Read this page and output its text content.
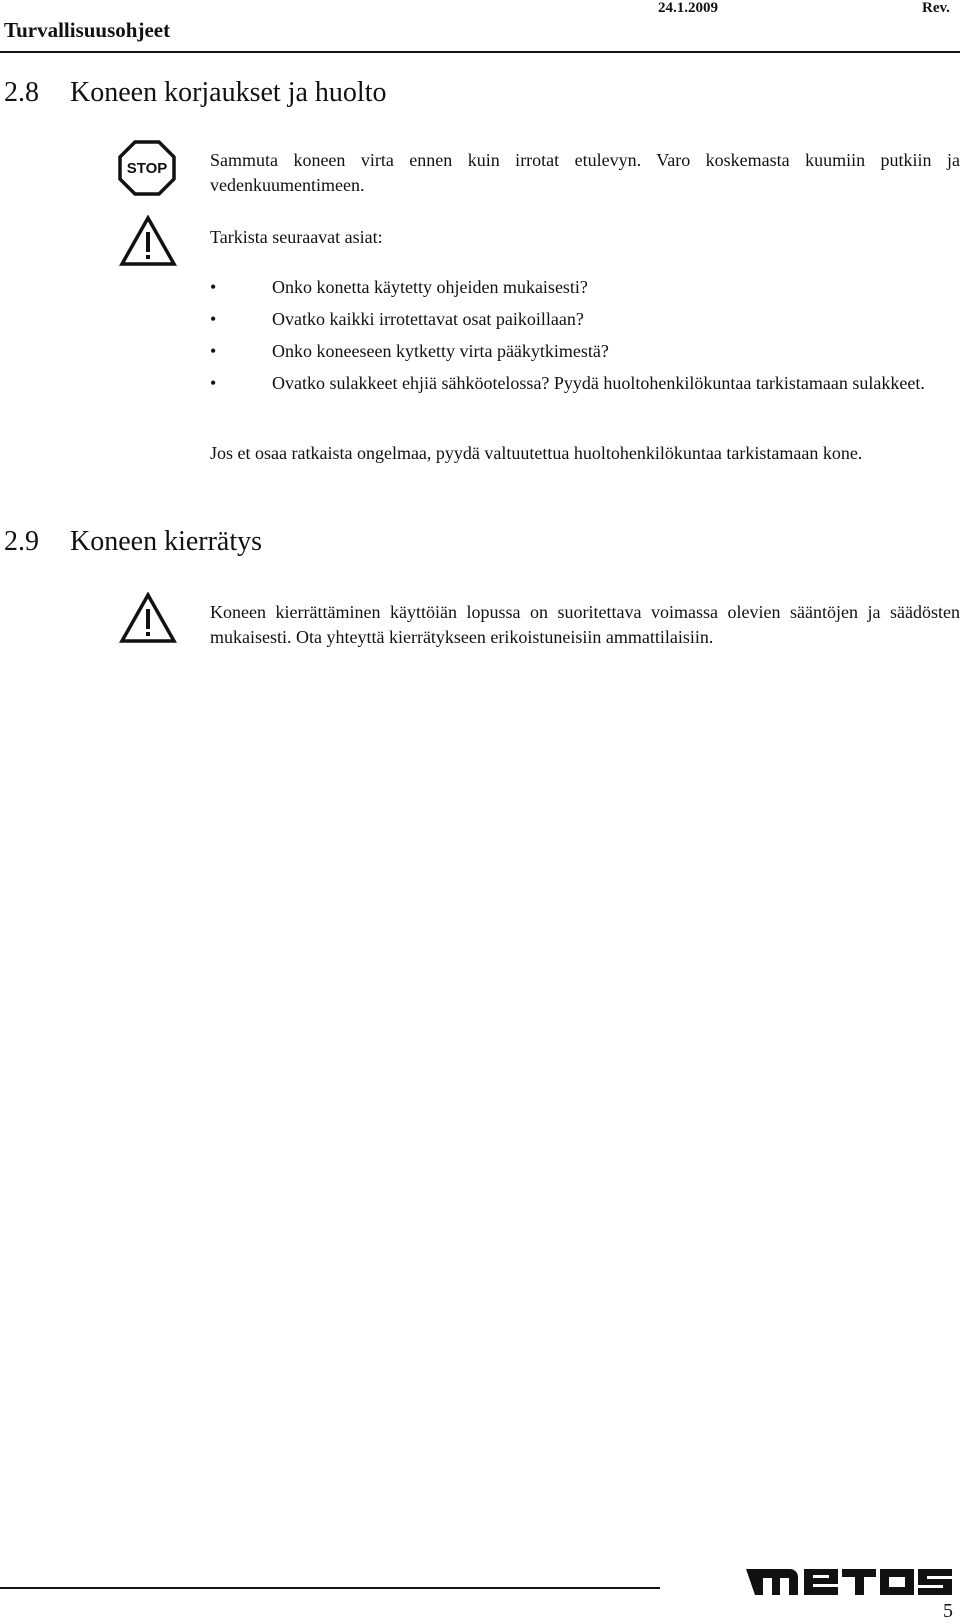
Turvallisuusohjeet
24.1.2009	Rev.
2.8 Koneen korjaukset ja huolto
STOP Sammuta koneen virta ennen kuin irrotat etulevyn. Varo koskemasta kuumiin putkiin ja vedenkuumentimeen.
Tarkista seuraavat asiat:
•	Onko konetta käytetty ohjeiden mukaisesti?
•	Ovatko kaikki irrotettavat osat paikoillaan?
•	Onko koneeseen kytketty virta pääkytkimestä?
•	Ovatko sulakkeet ehjiä sähköotelossa? Pyydä huoltohenkilökuntaa tarkistamaan sulakkeet.
Jos et osaa ratkaista ongelmaa, pyydä valtuutettua huoltohenkilökuntaa tarkistamaan kone.
2.9 Koneen kierrätys
Koneen kierrättäminen käyttöiän lopussa on suoritettava voimassa olevien sääntöjen ja säädösten mukaisesti. Ota yhteyttä kierrätykseen erikoistuneisiin ammattilaisiin.
5
